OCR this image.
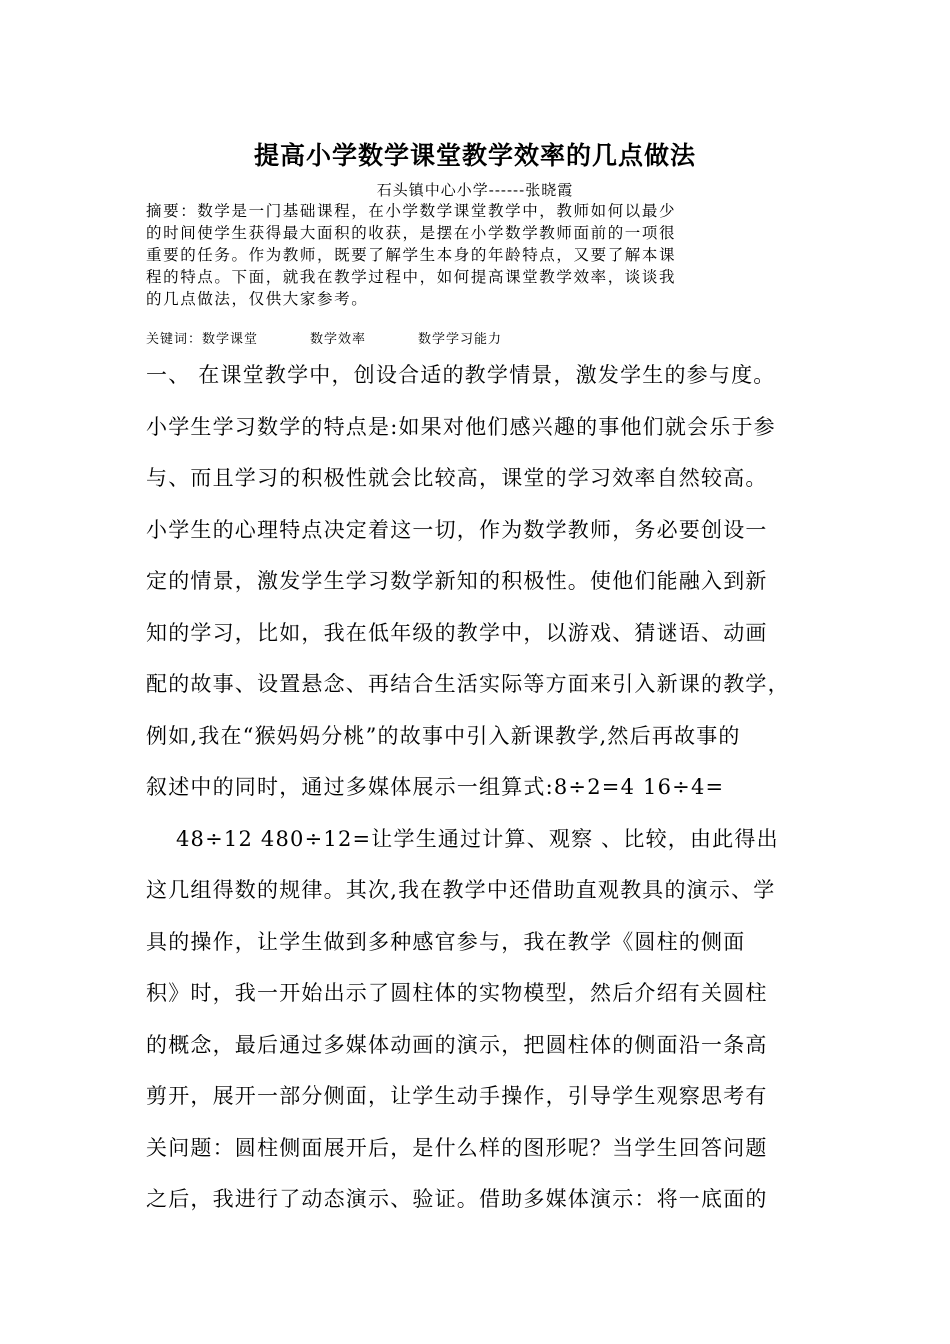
提高小学数学课堂教学效率的几点做法
石头镇中心小学------张晓霞
摘要：数学是一门基础课程，在小学数学课堂教学中，教师如何以最少
的时间使学生获得最大面积的收获，是摆在小学数学教师面前的一项很
重要的任务。作为教师，既要了解学生本身的年龄特点，又要了解本课
程的特点。下面，就我在教学过程中，如何提高课堂教学效率，谈谈我
的几点做法，仅供大家参考。
关键词：数学课堂	数学效率	数学学习能力
一、 在课堂教学中，创设合适的教学情景，激发学生的参与度。
小学生学习数学的特点是:如果对他们感兴趣的事他们就会乐于参
与、而且学习的积极性就会比较高，课堂的学习效率自然较高。
小学生的心理特点决定着这一切，作为数学教师，务必要创设一
定的情景，激发学生学习数学新知的积极性。使他们能融入到新
知的学习，比如，我在低年级的教学中，以游戏、猜谜语、动画
配的故事、设置悬念、再结合生活实际等方面来引入新课的教学，
例如,我在“猴妈妈分桃”的故事中引入新课教学,然后再故事的
叙述中的同时，通过多媒体展示一组算式:8÷2=4 16÷4=
48÷12 480÷12=让学生通过计算、观察 、比较，由此得出
这几组得数的规律。其次,我在教学中还借助直观教具的演示、学
具的操作，让学生做到多种感官参与，我在教学《圆柱的侧面
积》时，我一开始出示了圆柱体的实物模型，然后介绍有关圆柱
的概念，最后通过多媒体动画的演示，把圆柱体的侧面沿一条高
剪开，展开一部分侧面，让学生动手操作，引导学生观察思考有
关问题：圆柱侧面展开后，是什么样的图形呢？当学生回答问题
之后，我进行了动态演示、验证。借助多媒体演示：将一底面的
